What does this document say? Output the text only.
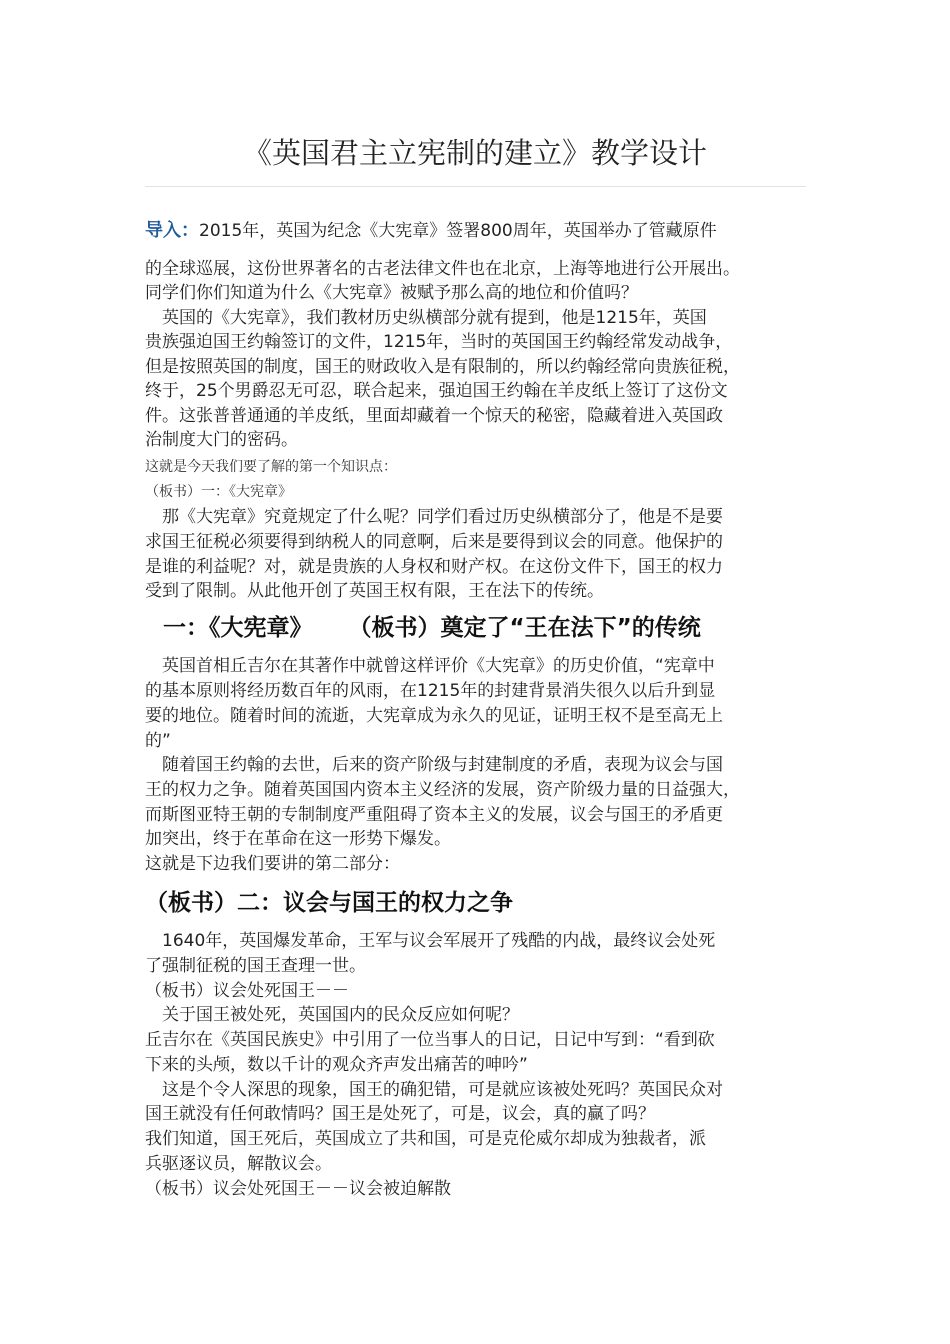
《英国君主立宪制的建立》教学设计
导入：2015年，英国为纪念《大宪章》签署800周年，英国举办了管藏原件
的全球巡展，这份世界著名的古老法律文件也在北京，上海等地进行公开展出。
同学们你们知道为什么《大宪章》被赋予那么高的地位和价值吗？
　英国的《大宪章》，我们教材历史纵横部分就有提到，他是1215年，英国
贵族强迫国王约翰签订的文件，1215年，当时的英国国王约翰经常发动战争，
但是按照英国的制度，国王的财政收入是有限制的，所以约翰经常向贵族征税，
终于，25个男爵忍无可忍，联合起来，强迫国王约翰在羊皮纸上签订了这份文
件。这张普普通通的羊皮纸，里面却藏着一个惊天的秘密，隐藏着进入英国政
治制度大门的密码。
这就是今天我们要了解的第一个知识点：
（板书）一：《大宪章》
　那《大宪章》究竟规定了什么呢？同学们看过历史纵横部分了，他是不是要
求国王征税必须要得到纳税人的同意啊，后来是要得到议会的同意。他保护的
是谁的利益呢？对，就是贵族的人身权和财产权。在这份文件下，国王的权力
受到了限制。从此他开创了英国王权有限，王在法下的传统。
一：《大宪章》 （板书）奠定了“王在法下”的传统
　英国首相丘吉尔在其著作中就曾这样评价《大宪章》的历史价值，“宪章中
的基本原则将经历数百年的风雨，在1215年的封建背景消失很久以后升到显
要的地位。随着时间的流逝，大宪章成为永久的见证，证明王权不是至高无上
的”
　随着国王约翰的去世，后来的资产阶级与封建制度的矛盾，表现为议会与国
王的权力之争。随着英国国内资本主义经济的发展，资产阶级力量的日益强大，
而斯图亚特王朝的专制制度严重阻碍了资本主义的发展，议会与国王的矛盾更
加突出，终于在革命在这一形势下爆发。
这就是下边我们要讲的第二部分：
（板书）二：议会与国王的权力之争
　1640年，英国爆发革命，王军与议会军展开了残酷的内战，最终议会处死
了强制征税的国王查理一世。
（板书）议会处死国王－－
　关于国王被处死，英国国内的民众反应如何呢？
丘吉尔在《英国民族史》中引用了一位当事人的日记，日记中写到：“看到砍
下来的头颅，数以千计的观众齐声发出痛苦的呻吟”
　这是个令人深思的现象，国王的确犯错，可是就应该被处死吗？英国民众对
国王就没有任何敢情吗？国王是处死了，可是，议会，真的赢了吗？
我们知道，国王死后，英国成立了共和国，可是克伦威尔却成为独裁者，派
兵驱逐议员，解散议会。
（板书）议会处死国王－－议会被迫解散
